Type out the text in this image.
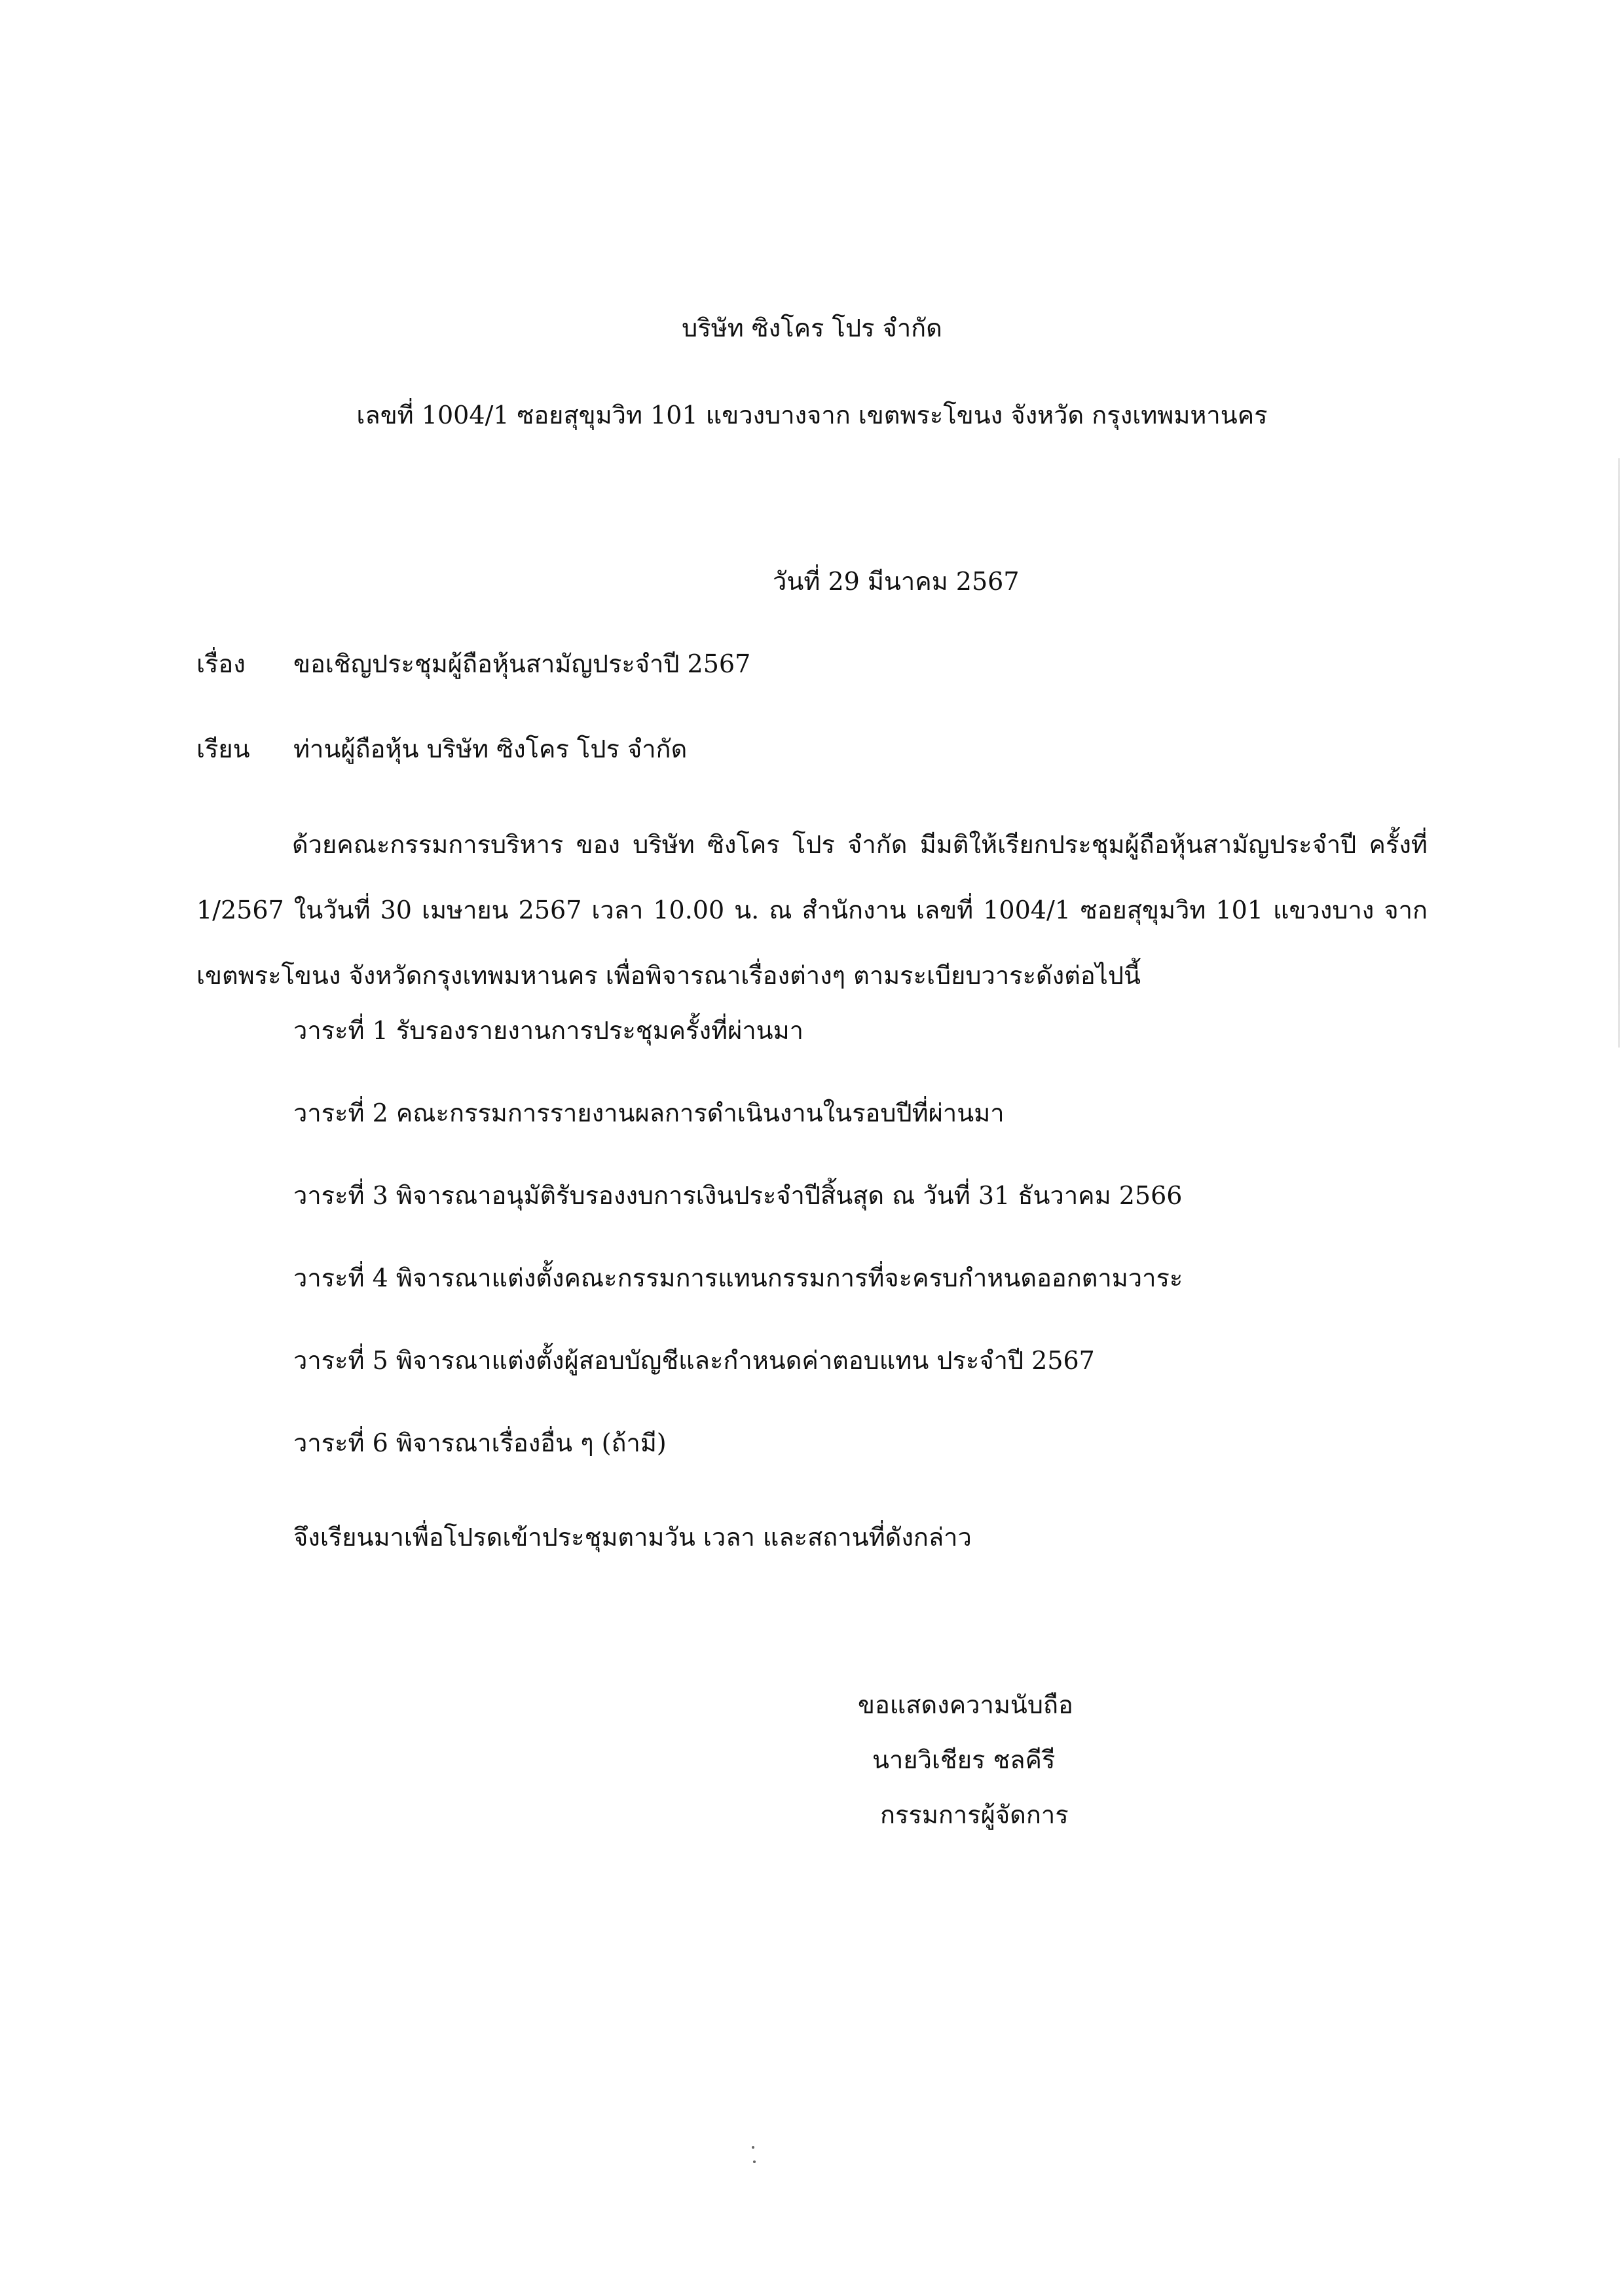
บริษัท ซิงโคร โปร จำกัด
เลขที่ 1004/1 ซอยสุขุมวิท 101 แขวงบางจาก เขตพระโขนง จังหวัด กรุงเทพมหานคร
วันที่ 29 มีนาคม 2567
เรื่อง ขอเชิญประชุมผู้ถือหุ้นสามัญประจำปี 2567
เรียน ท่านผู้ถือหุ้น บริษัท ซิงโคร โปร จำกัด
ด้วยคณะกรรมการบริหาร ของ บริษัท ซิงโคร โปร จำกัด มีมติให้เรียกประชุมผู้ถือหุ้นสามัญประจำปี ครั้งที่ 1/2567 ในวันที่ 30 เมษายน 2567 เวลา 10.00 น. ณ สำนักงาน เลขที่ 1004/1 ซอยสุขุมวิท 101 แขวงบาง จาก เขตพระโขนง จังหวัดกรุงเทพมหานคร เพื่อพิจารณาเรื่องต่างๆ ตามระเบียบวาระดังต่อไปนี้
วาระที่ 1 รับรองรายงานการประชุมครั้งที่ผ่านมา
วาระที่ 2 คณะกรรมการรายงานผลการดำเนินงานในรอบปีที่ผ่านมา
วาระที่ 3 พิจารณาอนุมัติรับรองงบการเงินประจำปีสิ้นสุด ณ วันที่ 31 ธันวาคม 2566
วาระที่ 4 พิจารณาแต่งตั้งคณะกรรมการแทนกรรมการที่จะครบกำหนดออกตามวาระ
วาระที่ 5 พิจารณาแต่งตั้งผู้สอบบัญชีและกำหนดค่าตอบแทน ประจำปี 2567
วาระที่ 6 พิจารณาเรื่องอื่น ๆ (ถ้ามี)
จึงเรียนมาเพื่อโปรดเข้าประชุมตามวัน เวลา และสถานที่ดังกล่าว
ขอแสดงความนับถือ
นายวิเชียร ชลคีรี
กรรมการผู้จัดการ
